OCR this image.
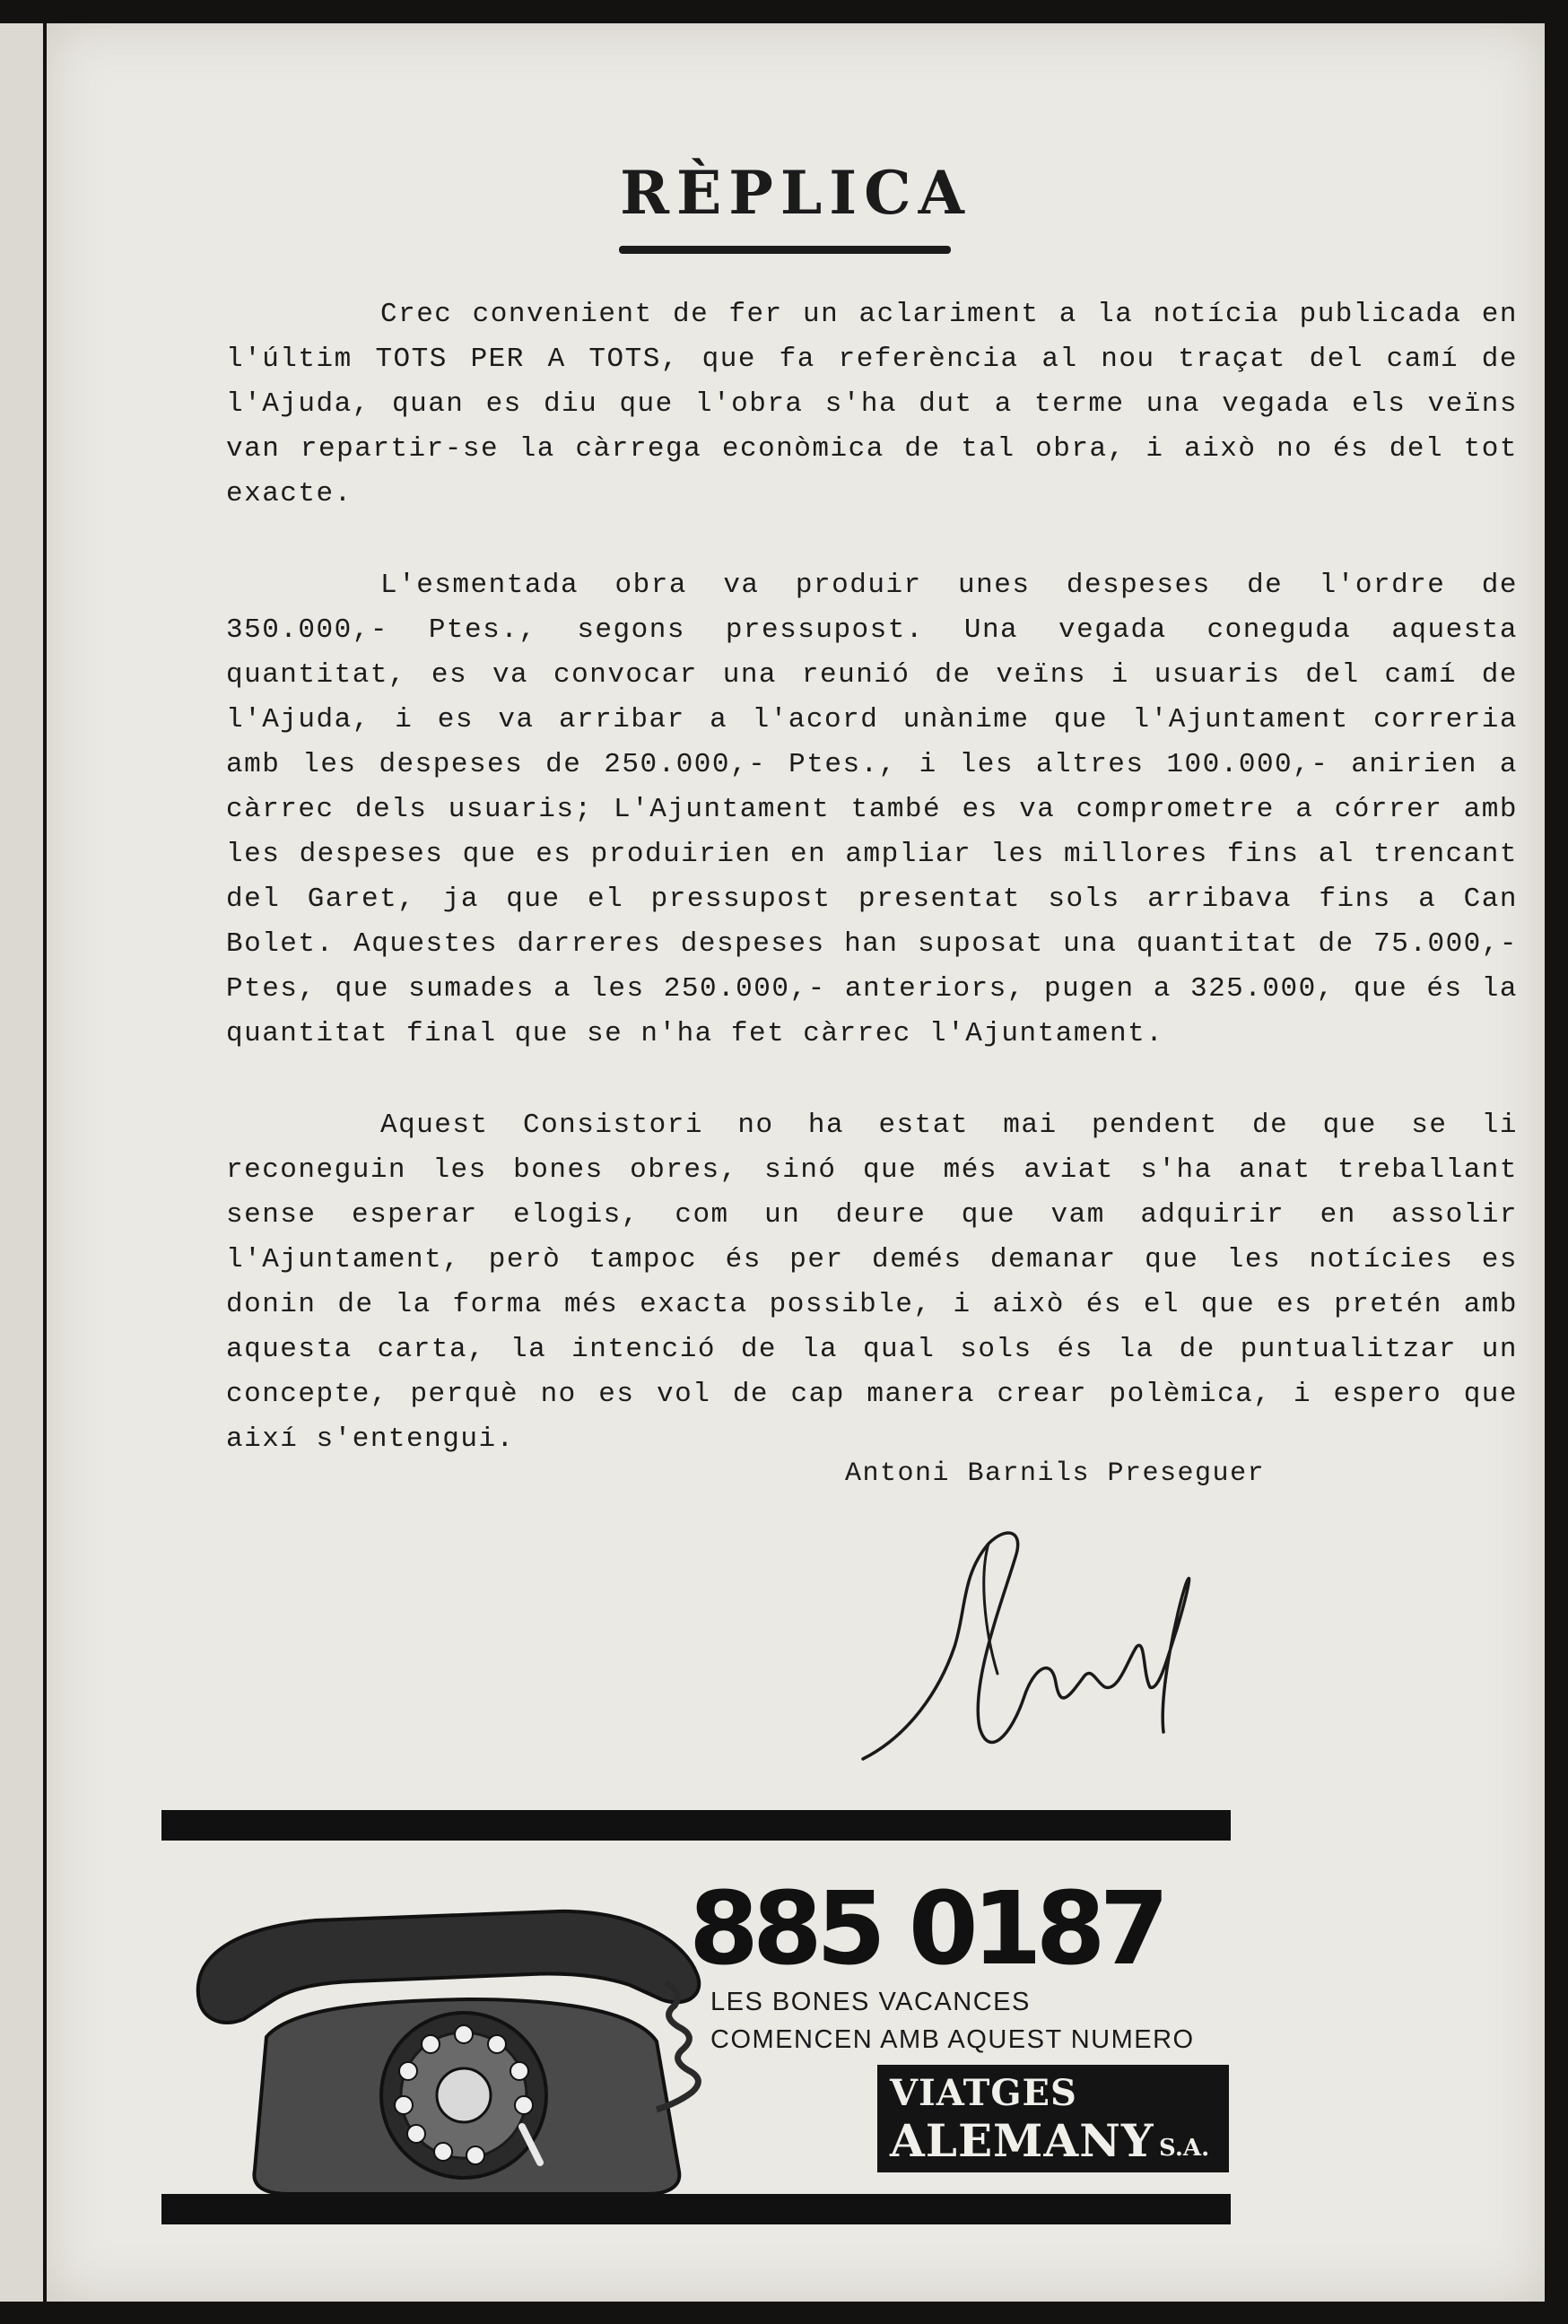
RÈPLICA

Crec convenient de fer un aclariment a la notícia publicada en l'últim TOTS PER A TOTS, que fa referència al nou traçat del camí de l'Ajuda, quan es diu que l'obra s'ha dut a terme una vegada els veïns van repartir-se la càrrega econòmica de tal obra, i això no és del tot exacte.

L'esmentada obra va produir unes despeses de l'ordre de 350.000,- Ptes., segons pressupost. Una vegada coneguda aquesta quantitat, es va convocar una reunió de veïns i usuaris del camí de l'Ajuda, i es va arribar a l'acord unànime que l'Ajuntament correria amb les despeses de 250.000,- Ptes., i les altres 100.000,- anirien a càrrec dels usuaris; L'Ajuntament també es va comprometre a córrer amb les despeses que es produirien en ampliar les millores fins al trencant del Garet, ja que el pressupost presentat sols arribava fins a Can Bolet. Aquestes darreres despeses han suposat una quantitat de 75.000,- Ptes, que sumades a les 250.000,- anteriors, pugen a 325.000, que és la quantitat final que se n'ha fet càrrec l'Ajuntament.

Aquest Consistori no ha estat mai pendent de que se li reconeguin les bones obres, sinó que més aviat s'ha anat treballant sense esperar elogis, com un deure que vam adquirir en assolir l'Ajuntament, però tampoc és per demés demanar que les notícies es donin de la forma més exacta possible, i això és el que es pretén amb aquesta carta, la intenció de la qual sols és la de puntualitzar un concepte, perquè no es vol de cap manera crear polèmica, i espero que així s'entengui.

Antoni Barnils Preseguer
885 0187
LES BONES VACANCES
COMENCEN AMB AQUEST NUMERO
VIATGES
ALEMANY S.A.
